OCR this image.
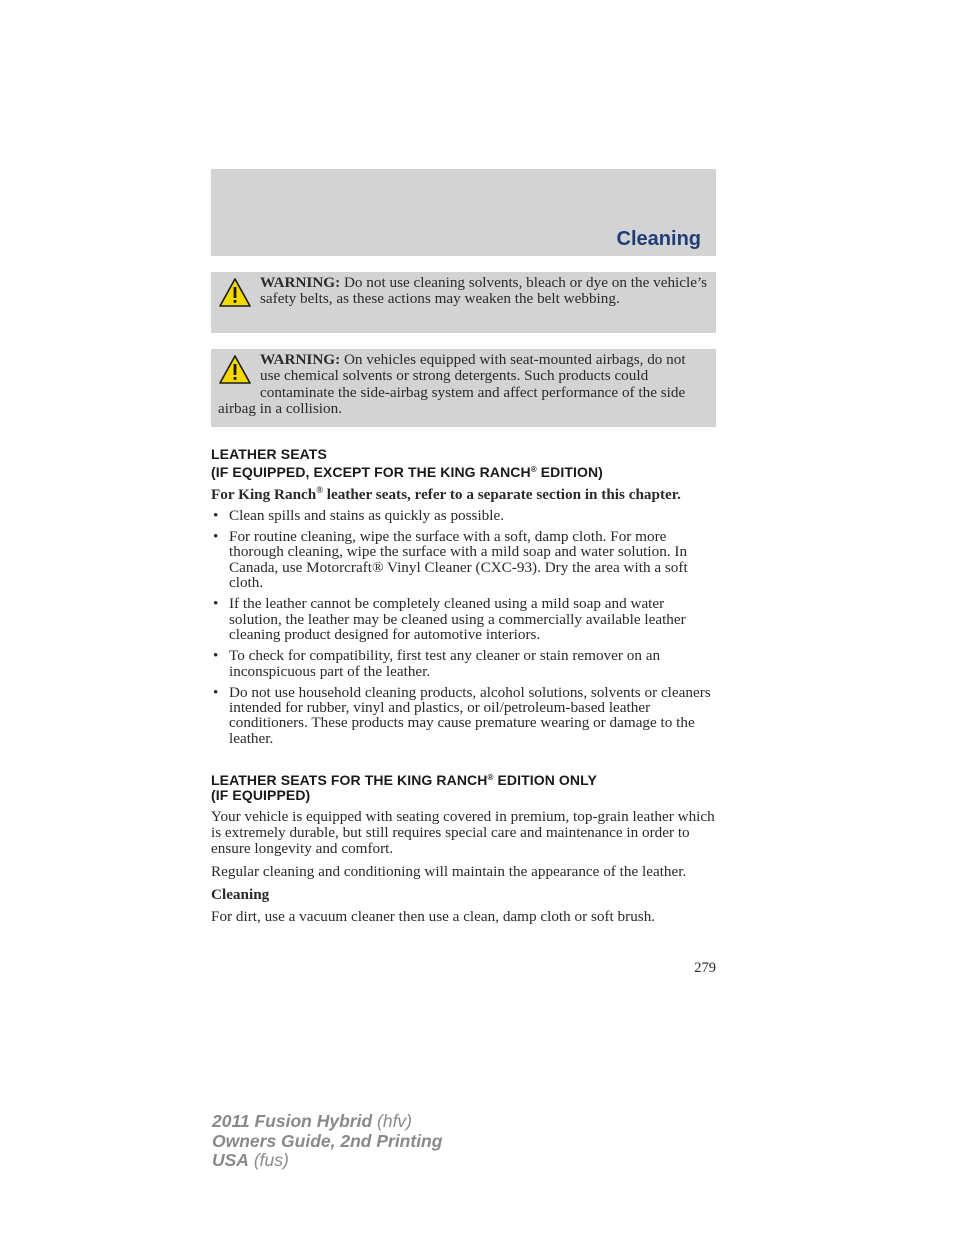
Cleaning
WARNING: Do not use cleaning solvents, bleach or dye on the vehicle’s safety belts, as these actions may weaken the belt webbing.
WARNING: On vehicles equipped with seat-mounted airbags, do not use chemical solvents or strong detergents. Such products could contaminate the side-airbag system and affect performance of the side airbag in a collision.
LEATHER SEATS
(IF EQUIPPED, EXCEPT FOR THE KING RANCH® EDITION)

For King Ranch® leather seats, refer to a separate section in this chapter.

• Clean spills and stains as quickly as possible.
• For routine cleaning, wipe the surface with a soft, damp cloth. For more thorough cleaning, wipe the surface with a mild soap and water solution. In Canada, use Motorcraft® Vinyl Cleaner (CXC-93). Dry the area with a soft cloth.
• If the leather cannot be completely cleaned using a mild soap and water solution, the leather may be cleaned using a commercially available leather cleaning product designed for automotive interiors.
• To check for compatibility, first test any cleaner or stain remover on an inconspicuous part of the leather.
• Do not use household cleaning products, alcohol solutions, solvents or cleaners intended for rubber, vinyl and plastics, or oil/petroleum-based leather conditioners. These products may cause premature wearing or damage to the leather.
LEATHER SEATS FOR THE KING RANCH® EDITION ONLY
(IF EQUIPPED)

Your vehicle is equipped with seating covered in premium, top-grain leather which is extremely durable, but still requires special care and maintenance in order to ensure longevity and comfort.

Regular cleaning and conditioning will maintain the appearance of the leather.

Cleaning

For dirt, use a vacuum cleaner then use a clean, damp cloth or soft brush.

279
2011 Fusion Hybrid (hfv)
Owners Guide, 2nd Printing
USA (fus)
